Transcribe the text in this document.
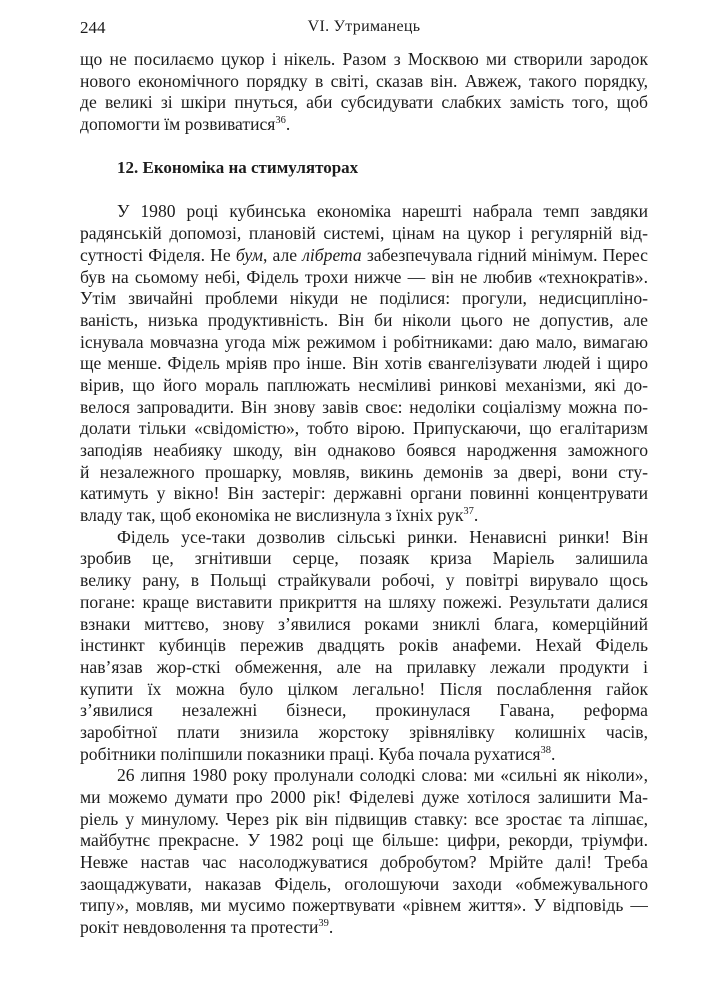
244	VI. Утриманець
що не посилаємо цукор і нікель. Разом з Москвою ми створили зародок
нового економічного порядку в світі, сказав він. Авжеж, такого порядку,
де великі зі шкіри пнуться, аби субсидувати слабких замість того, щоб
допомогти їм розвиватися$^{36}$.
12. Економіка на стимуляторах
У 1980 році кубинська економіка нарешті набрала темп завдяки
радянській допомозі, плановій системі, цінам на цукор і регулярній від-
сутності Фіделя. Не бум, але лібрета забезпечувала гідний мінімум. Перес
був на сьомому небі, Фідель трохи нижче — він не любив «технократів».
Утім звичайні проблеми нікуди не поділися: прогули, недисципліно-
ваність, низька продуктивність. Він би ніколи цього не допустив, але
існувала мовчазна угода між режимом і робітниками: даю мало, вимагаю
ще менше. Фідель мріяв про інше. Він хотів євангелізувати людей і щиро
вірив, що його мораль паплюжать несміливі ринкові механізми, які до-
велося запровадити. Він знову завів своє: недоліки соціалізму можна по-
долати тільки «свідомістю», тобто вірою. Припускаючи, що егалітаризм
заподіяв неабияку шкоду, він однаково боявся народження заможного
й незалежного прошарку, мовляв, викинь демонів за двері, вони сту-
катимуть у вікно! Він застеріг: державні органи повинні концентрувати
владу так, щоб економіка не вислизнула з їхніх рук$^{37}$.
Фідель усе-таки дозволив сільські ринки. Ненависні ринки! Він
зробив це, згнітивши серце, позаяк криза Маріель залишила
велику рану, в Польщі страйкували робочі, у повітрі вирувало щось
погане: краще виставити прикриття на шляху пожежі. Результати далися
взнаки миттєво, знову з’явилися роками зниклі блага, комерційний
інстинкт кубинців пережив двадцять років анафеми. Нехай Фідель
нав’язав жор-сткі обмеження, але на прилавку лежали продукти і
купити їх можна було цілком легально! Після послаблення гайок
з’явилися незалежні бізнеси, прокинулася Гавана, реформа
заробітної плати знизила жорстоку зрівнялівку колишніх часів,
робітники поліпшили показники праці. Куба почала рухатися$^{38}$.
26 липня 1980 року пролунали солодкі слова: ми «сильні як ніколи»,
ми можемо думати про 2000 рік! Фіделеві дуже хотілося залишити Ма-
ріель у минулому. Через рік він підвищив ставку: все зростає та ліпшає,
майбутнє прекрасне. У 1982 році ще більше: цифри, рекорди, тріумфи.
Невже настав час насолоджуватися добробутом? Мрійте далі! Треба
заощаджувати, наказав Фідель, оголошуючи заходи «обмежувального
типу», мовляв, ми мусимо пожертвувати «рівнем життя». У відповідь —
рокіт невдоволення та протести$^{39}$.
